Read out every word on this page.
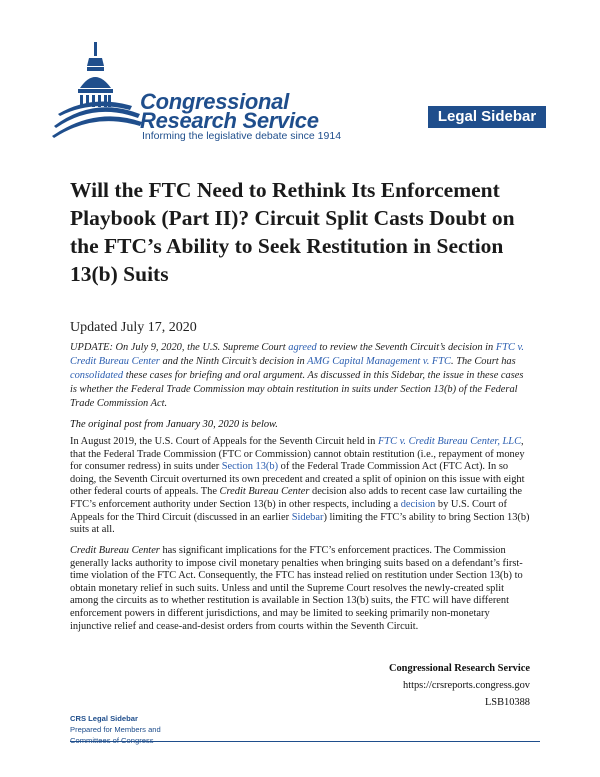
Congressional
Research Service
Informing the legislative debate since 1914
Legal Sidebar
Will the FTC Need to Rethink Its Enforcement Playbook (Part II)? Circuit Split Casts Doubt on the FTC’s Ability to Seek Restitution in Section 13(b) Suits
Updated July 17, 2020

UPDATE: On July 9, 2020, the U.S. Supreme Court agreed to review the Seventh Circuit’s decision in FTC v. Credit Bureau Center and the Ninth Circuit’s decision in AMG Capital Management v. FTC. The Court has consolidated these cases for briefing and oral argument. As discussed in this Sidebar, the issue in these cases is whether the Federal Trade Commission may obtain restitution in suits under Section 13(b) of the Federal Trade Commission Act.

The original post from January 30, 2020 is below.

In August 2019, the U.S. Court of Appeals for the Seventh Circuit held in FTC v. Credit Bureau Center, LLC, that the Federal Trade Commission (FTC or Commission) cannot obtain restitution (i.e., repayment of money for consumer redress) in suits under Section 13(b) of the Federal Trade Commission Act (FTC Act). In so doing, the Seventh Circuit overturned its own precedent and created a split of opinion on this issue with eight other federal courts of appeals. The Credit Bureau Center decision also adds to recent case law curtailing the FTC’s enforcement authority under Section 13(b) in other respects, including a decision by U.S. Court of Appeals for the Third Circuit (discussed in an earlier Sidebar) limiting the FTC’s ability to bring Section 13(b) suits at all.

Credit Bureau Center has significant implications for the FTC’s enforcement practices. The Commission generally lacks authority to impose civil monetary penalties when bringing suits based on a defendant’s first-time violation of the FTC Act. Consequently, the FTC has instead relied on restitution under Section 13(b) to obtain monetary relief in such suits. Unless and until the Supreme Court resolves the newly-created split among the circuits as to whether restitution is available in Section 13(b) suits, the FTC will have different enforcement powers in different jurisdictions, and may be limited to seeking primarily non-monetary injunctive relief and cease-and-desist orders from courts within the Seventh Circuit.

Congressional Research Service
https://crsreports.congress.gov
LSB10388
CRS Legal Sidebar
Prepared for Members and
Committees of Congress
